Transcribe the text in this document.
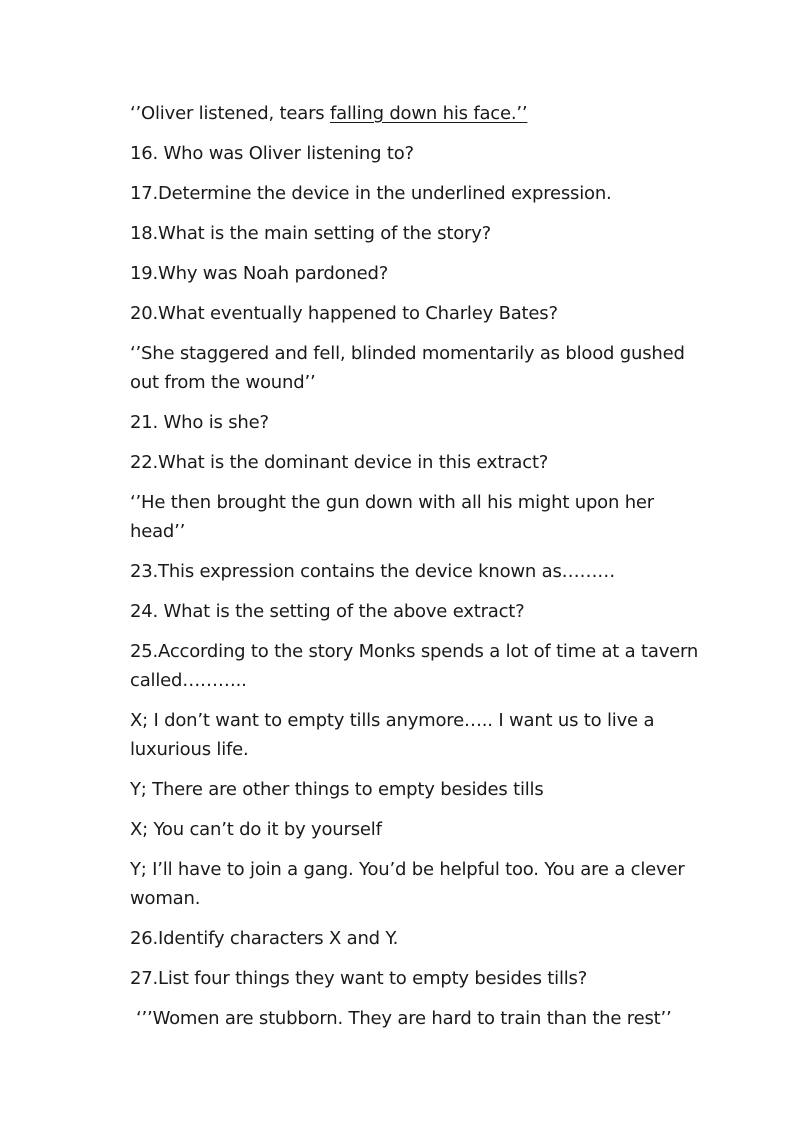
‘’Oliver listened, tears falling down his face.’’

16. Who was Oliver listening to?

17.Determine the device in the underlined expression.

18.What is the main setting of the story?

19.Why was Noah pardoned?

20.What eventually happened to Charley Bates?

‘’She staggered and fell, blinded momentarily as blood gushed

out from the wound’’

21. Who is she?

22.What is the dominant device in this extract?

‘’He then brought the gun down with all his might upon her

head’’

23.This expression contains the device known as………

24. What is the setting of the above extract?

25.According to the story Monks spends a lot of time at a tavern

called………..

X; I don’t want to empty tills anymore….. I want us to live a

luxurious life.

Y; There are other things to empty besides tills

X; You can’t do it by yourself

Y; I’ll have to join a gang. You’d be helpful too. You are a clever

woman.

26.Identify characters X and Y.

27.List four things they want to empty besides tills?

‘’’Women are stubborn. They are hard to train than the rest’’
